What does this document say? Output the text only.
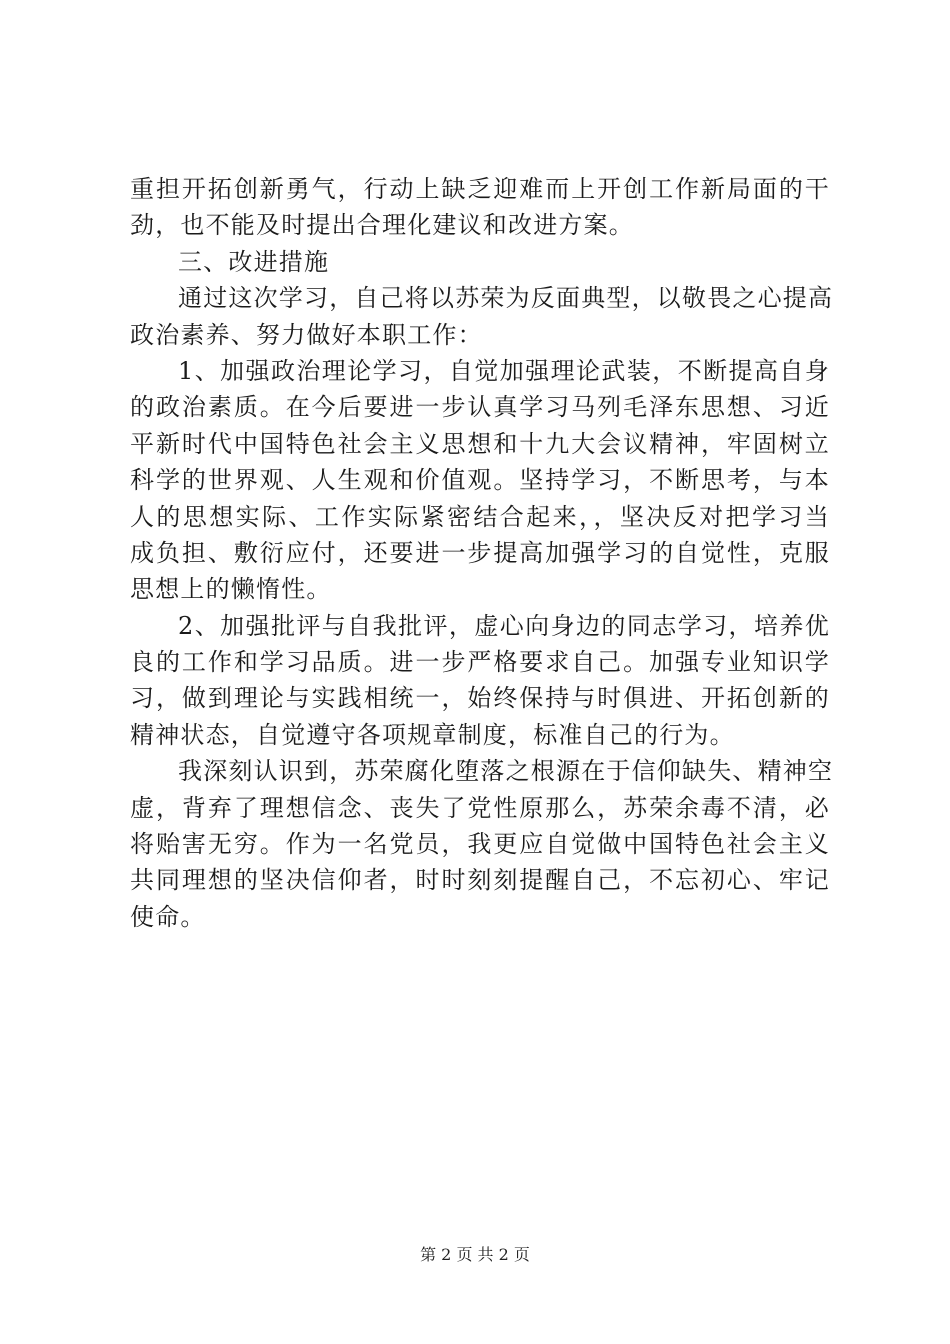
重担开拓创新勇气，行动上缺乏迎难而上开创工作新局面的干
劲，也不能及时提出合理化建议和改进方案。
三、改进措施
通过这次学习，自己将以苏荣为反面典型，以敬畏之心提高
政治素养、努力做好本职工作：
1、加强政治理论学习，自觉加强理论武装，不断提高自身
的政治素质。在今后要进一步认真学习马列毛泽东思想、习近
平新时代中国特色社会主义思想和十九大会议精神，牢固树立
科学的世界观、人生观和价值观。坚持学习，不断思考，与本
人的思想实际、工作实际紧密结合起来，，坚决反对把学习当
成负担、敷衍应付，还要进一步提高加强学习的自觉性，克服
思想上的懒惰性。
2、加强批评与自我批评，虚心向身边的同志学习，培养优
良的工作和学习品质。进一步严格要求自己。加强专业知识学
习，做到理论与实践相统一，始终保持与时俱进、开拓创新的
精神状态，自觉遵守各项规章制度，标准自己的行为。
我深刻认识到，苏荣腐化堕落之根源在于信仰缺失、精神空
虚，背弃了理想信念、丧失了党性原那么，苏荣余毒不清，必
将贻害无穷。作为一名党员，我更应自觉做中国特色社会主义
共同理想的坚决信仰者，时时刻刻提醒自己，不忘初心、牢记
使命。
第 2 页 共 2 页
